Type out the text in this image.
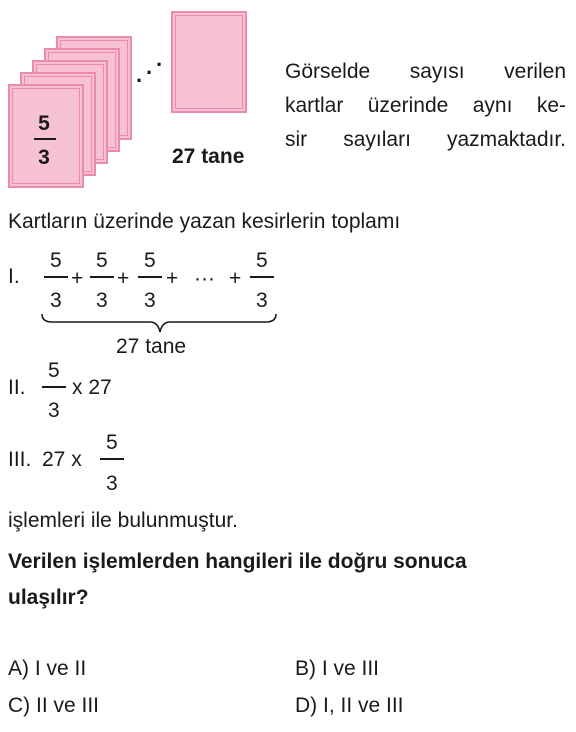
5
3
· · ·
27 tane
Görselde sayısı verilen
kartlar üzerinde aynı ke-
sir sayıları yazmaktadır.
Kartların üzerinde yazan kesirlerin toplamı
I.
5
3
+
5
3
+
5
3
+ ··· +
5
3
27 tane
II.
5
3
x 27
III. 27 x
5
3
işlemleri ile bulunmuştur.
Verilen işlemlerden hangileri ile doğru sonuca
ulaşılır?
A) I ve II	B) I ve III
C) II ve III	D) I, II ve III
